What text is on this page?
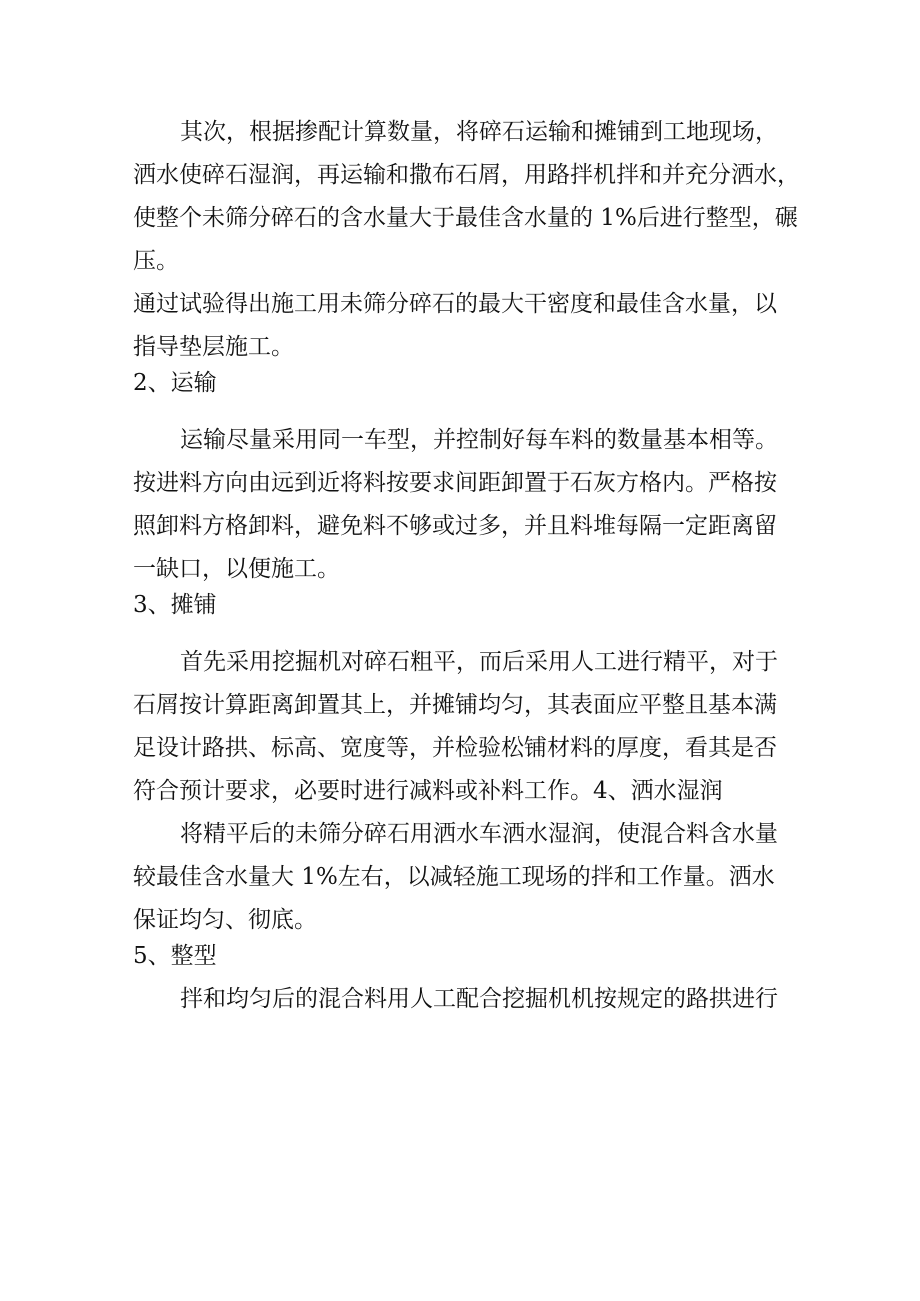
其次，根据掺配计算数量，将碎石运输和摊铺到工地现场，

洒水使碎石湿润，再运输和撒布石屑，用路拌机拌和并充分洒水，

使整个未筛分碎石的含水量大于最佳含水量的 1%后进行整型，碾

压。

通过试验得出施工用未筛分碎石的最大干密度和最佳含水量，以

指导垫层施工。

2、运输

运输尽量采用同一车型，并控制好每车料的数量基本相等。

按进料方向由远到近将料按要求间距卸置于石灰方格内。严格按

照卸料方格卸料，避免料不够或过多，并且料堆每隔一定距离留

一缺口，以便施工。

3、摊铺

首先采用挖掘机对碎石粗平，而后采用人工进行精平，对于

石屑按计算距离卸置其上，并摊铺均匀，其表面应平整且基本满

足设计路拱、标高、宽度等，并检验松铺材料的厚度，看其是否

符合预计要求，必要时进行减料或补料工作。4、洒水湿润

将精平后的未筛分碎石用洒水车洒水湿润，使混合料含水量

较最佳含水量大 1%左右，以减轻施工现场的拌和工作量。洒水

保证均匀、彻底。

5、整型

拌和均匀后的混合料用人工配合挖掘机机按规定的路拱进行
